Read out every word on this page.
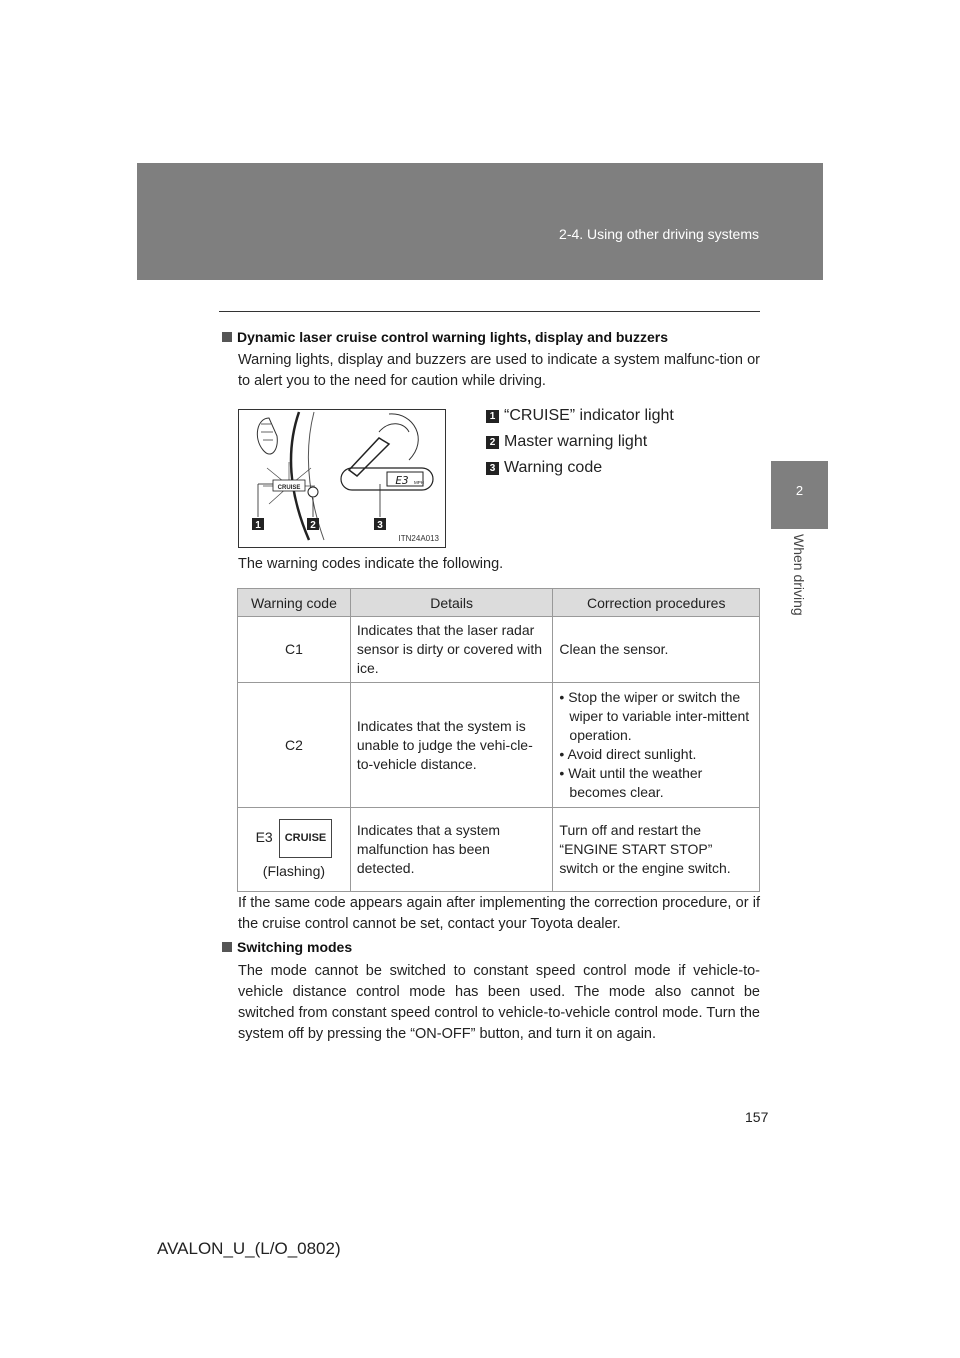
2-4. Using other driving systems
2
When driving
Dynamic laser cruise control warning lights, display and buzzers
Warning lights, display and buzzers are used to indicate a system malfunc-tion or to alert you to the need for caution while driving.
1	2	3
CRUISE
E3 MPH
ITN24A013
1 “CRUISE” indicator light
2 Master warning light
3 Warning code
The warning codes indicate the following.
Warning code	Details	Correction procedures
C1	Indicates that the laser radar sensor is dirty or covered with ice.	Clean the sensor.
C2	Indicates that the system is unable to judge the vehi-cle-to-vehicle distance.	• Stop the wiper or switch the wiper to variable inter-mittent operation.
• Avoid direct sunlight.
• Wait until the weather becomes clear.

E3 CRUISE
(Flashing)	Indicates that a system malfunction has been detected.	Turn off and restart the “ENGINE START STOP” switch or the engine switch.
If the same code appears again after implementing the correction procedure, or if the cruise control cannot be set, contact your Toyota dealer.
Switching modes
The mode cannot be switched to constant speed control mode if vehicle-to-vehicle distance control mode has been used. The mode also cannot be switched from constant speed control to vehicle-to-vehicle control mode. Turn the system off by pressing the “ON-OFF” button, and turn it on again.
157
AVALON_U_(L/O_0802)
